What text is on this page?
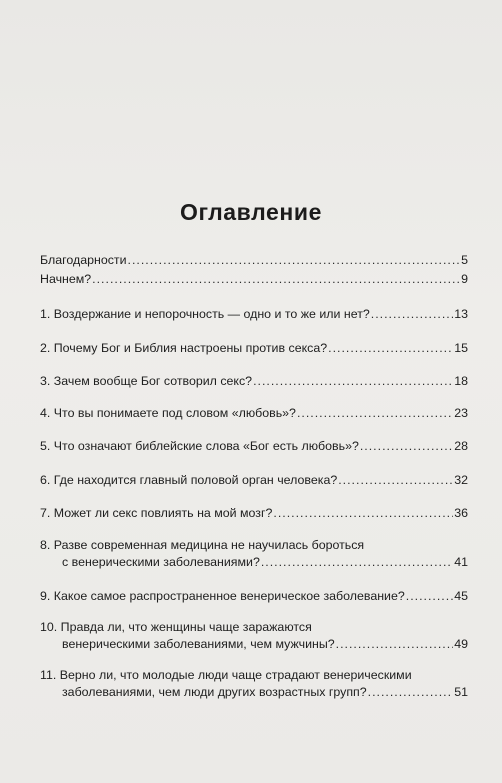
Оглавление
Благодарности .....	5
Начнем? .....	9
1. Воздержание и непорочность — одно и то же или нет? .....	13
2. Почему Бог и Библия настроены против секса? .....	15
3. Зачем вообще Бог сотворил секс? .....	18
4. Что вы понимаете под словом «любовь»? .....	23
5. Что означают библейские слова «Бог есть любовь»? .....	28
6. Где находится главный половой орган человека? .....	32
7. Может ли секс повлиять на мой мозг? .....	36
8. Разве современная медицина не научилась бороться
с венерическими заболеваниями? .....	41
9. Какое самое распространенное венерическое заболевание? .....	45
10. Правда ли, что женщины чаще заражаются
венерическими заболеваниями, чем мужчины? .....	49
11. Верно ли, что молодые люди чаще страдают венерическими
заболеваниями, чем люди других возрастных групп? .....	51
